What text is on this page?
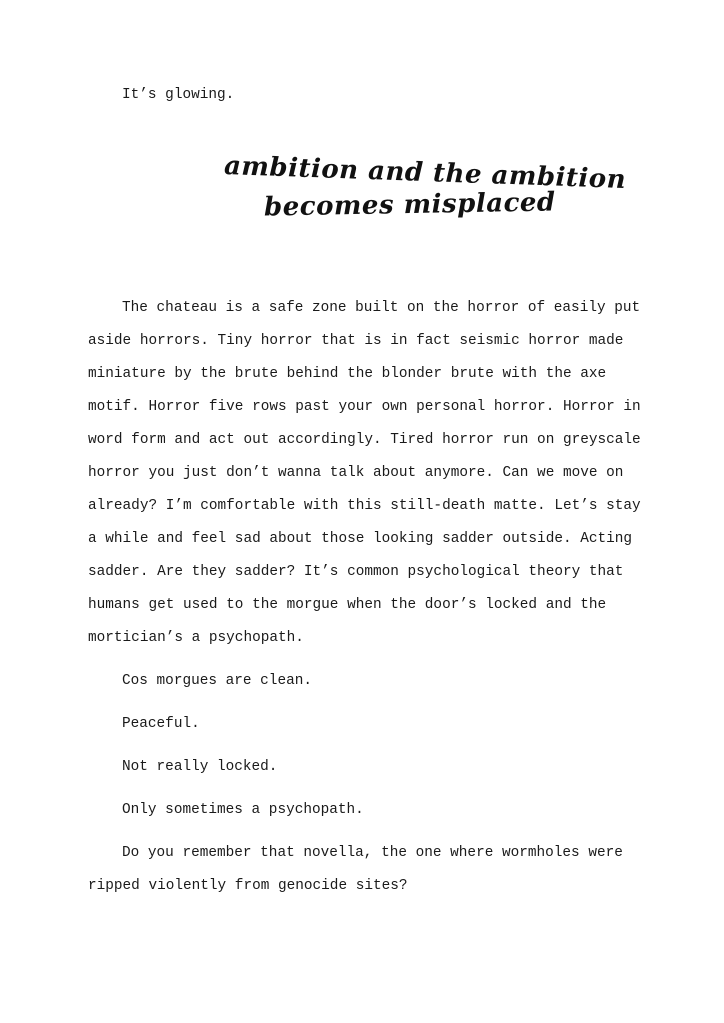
It’s glowing.

ambition and the ambition
becomes misplaced

The chateau is a safe zone built on the horror of easily put aside horrors. Tiny horror that is in fact seismic horror made miniature by the brute behind the blonder brute with the axe motif. Horror five rows past your own personal horror. Horror in word form and act out accordingly. Tired horror run on greyscale horror you just don’t wanna talk about anymore. Can we move on already? I’m comfortable with this still-death matte. Let’s stay a while and feel sad about those looking sadder outside. Acting sadder. Are they sadder? It’s common psychological theory that humans get used to the morgue when the door’s locked and the mortician’s a psychopath.

Cos morgues are clean.

Peaceful.

Not really locked.

Only sometimes a psychopath.

Do you remember that novella, the one where wormholes were ripped violently from genocide sites?
